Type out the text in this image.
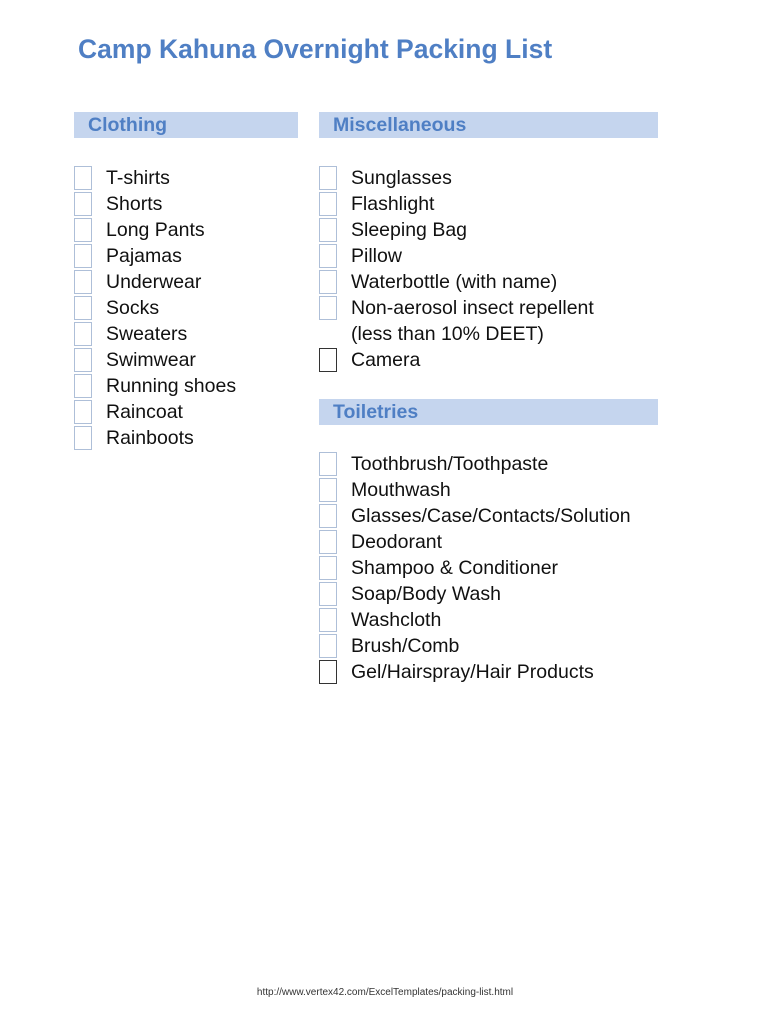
Camp Kahuna Overnight Packing List
Clothing
T-shirts
Shorts
Long Pants
Pajamas
Underwear
Socks
Sweaters
Swimwear
Running shoes
Raincoat
Rainboots
Miscellaneous
Sunglasses
Flashlight
Sleeping Bag
Pillow
Waterbottle (with name)
Non-aerosol insect repellent
(less than 10% DEET)
Camera
Toiletries
Toothbrush/Toothpaste
Mouthwash
Glasses/Case/Contacts/Solution
Deodorant
Shampoo & Conditioner
Soap/Body Wash
Washcloth
Brush/Comb
Gel/Hairspray/Hair Products
http://www.vertex42.com/ExcelTemplates/packing-list.html
